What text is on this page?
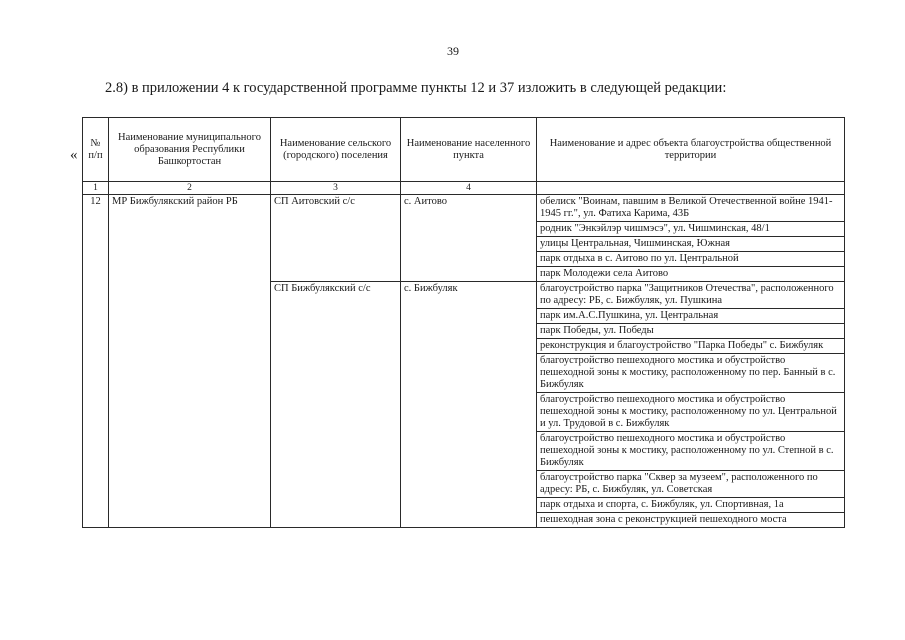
39
2.8) в приложении 4 к государственной программе пункты 12 и 37 изложить в следующей редакции:
«
№ п/п	Наименование муниципального образования Республики Башкортостан	Наименование сельского (городского) поселения	Наименование населенного пункта	Наименование и адрес объекта благоустройства общественной территории
1	2	3	4	
12	МР Бижбулякский район РБ	СП Аитовский с/с	с. Аитово	обелиск "Воинам, павшим в Великой Отечественной войне 1941-1945 гг.", ул. Фатиха Карима, 43Б
				родник "Энкэйлэр чишмэсэ", ул. Чишминская, 48/1
				улицы Центральная, Чишминская, Южная
				парк отдыха в с. Аитово по ул. Центральной
				парк Молодежи села Аитово
		СП Бижбулякский с/с	с. Бижбуляк	благоустройство парка "Защитников Отечества", расположенного по адресу: РБ, с. Бижбуляк, ул. Пушкина
				парк им.А.С.Пушкина, ул. Центральная
				парк Победы, ул. Победы
				реконструкция и благоустройство "Парка Победы" с. Бижбуляк
				благоустройство пешеходного мостика и обустройство пешеходной зоны к мостику, расположенному по пер. Банный в с. Бижбуляк
				благоустройство пешеходного мостика и обустройство пешеходной зоны к мостику, расположенному по ул. Центральной и ул. Трудовой в с. Бижбуляк
				благоустройство пешеходного мостика и обустройство пешеходной зоны к мостику, расположенному по ул. Степной в с. Бижбуляк
				благоустройство парка "Сквер за музеем", расположенного по адресу: РБ, с. Бижбуляк, ул. Советская
				парк отдыха и спорта, с. Бижбуляк, ул. Спортивная, 1а
				пешеходная зона с реконструкцией пешеходного моста
